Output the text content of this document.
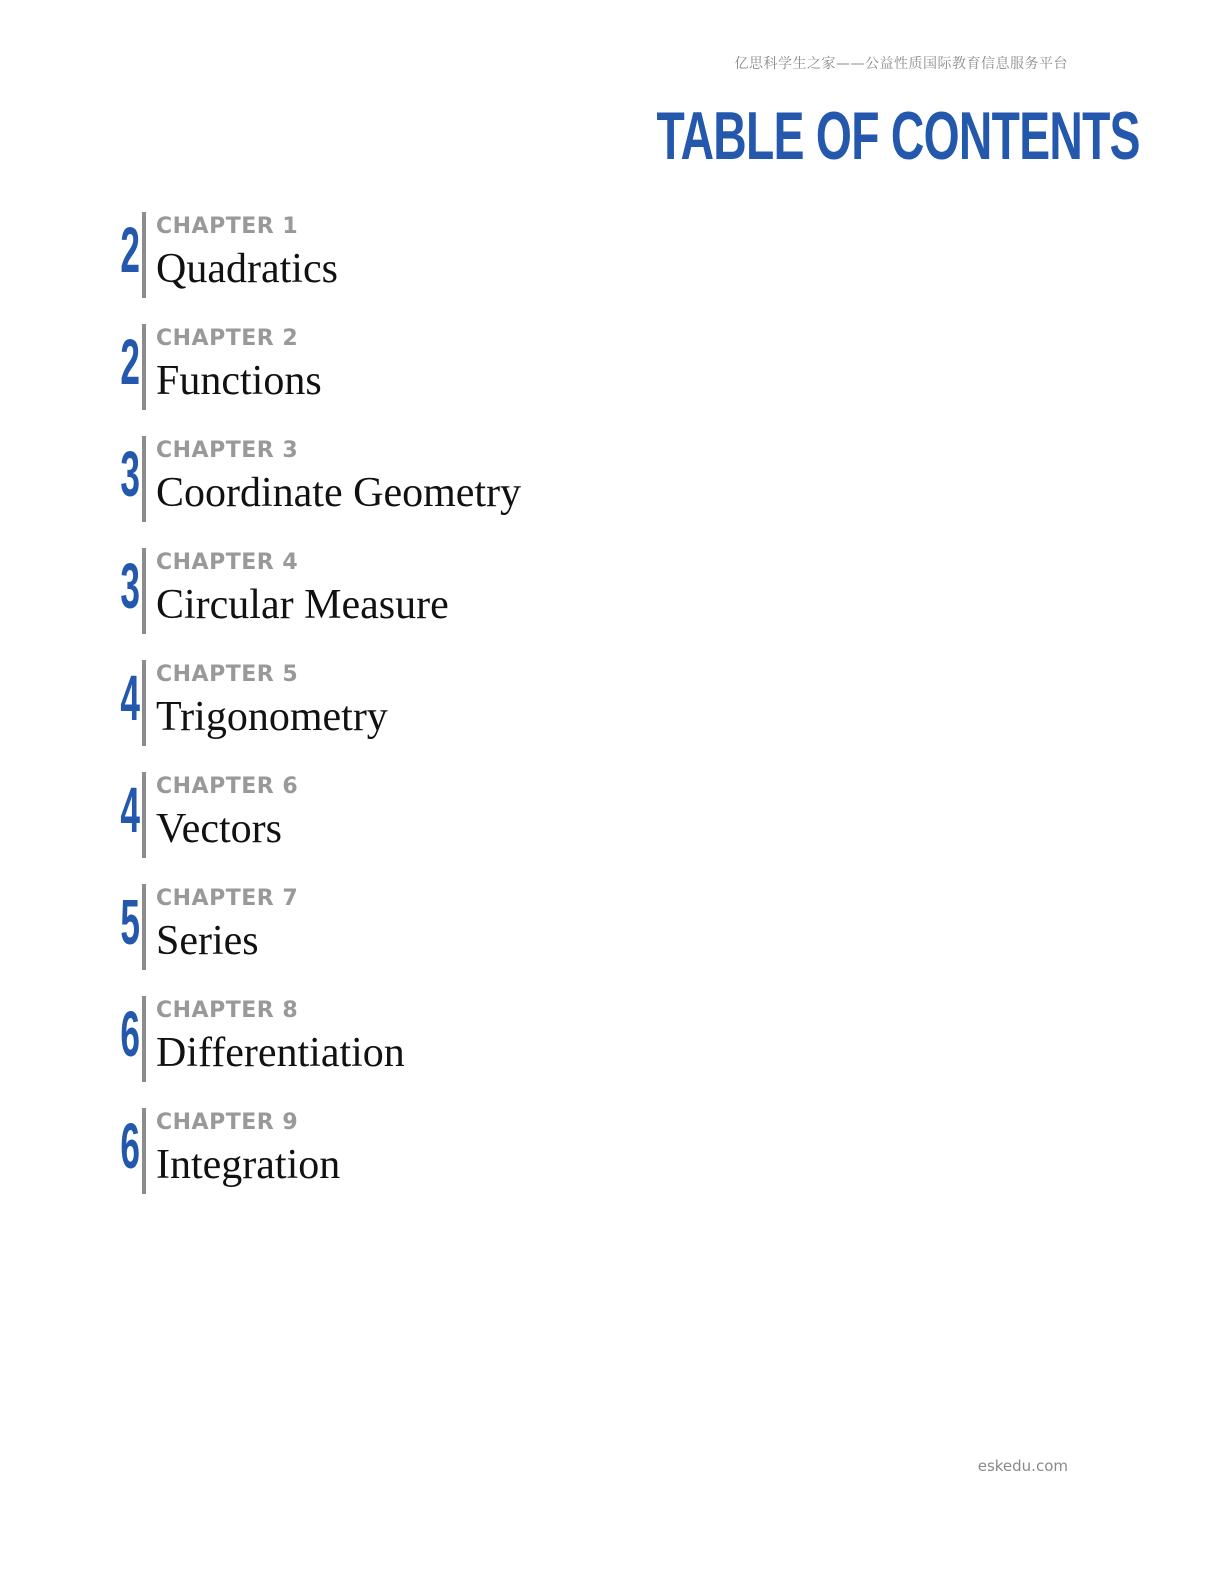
亿思科学生之家——公益性质国际教育信息服务平台
TABLE OF CONTENTS
2 CHAPTER 1
Quadratics
2 CHAPTER 2
Functions
3 CHAPTER 3
Coordinate Geometry
3 CHAPTER 4
Circular Measure
4 CHAPTER 5
Trigonometry
4 CHAPTER 6
Vectors
5 CHAPTER 7
Series
6 CHAPTER 8
Differentiation
6 CHAPTER 9
Integration
eskedu.com
